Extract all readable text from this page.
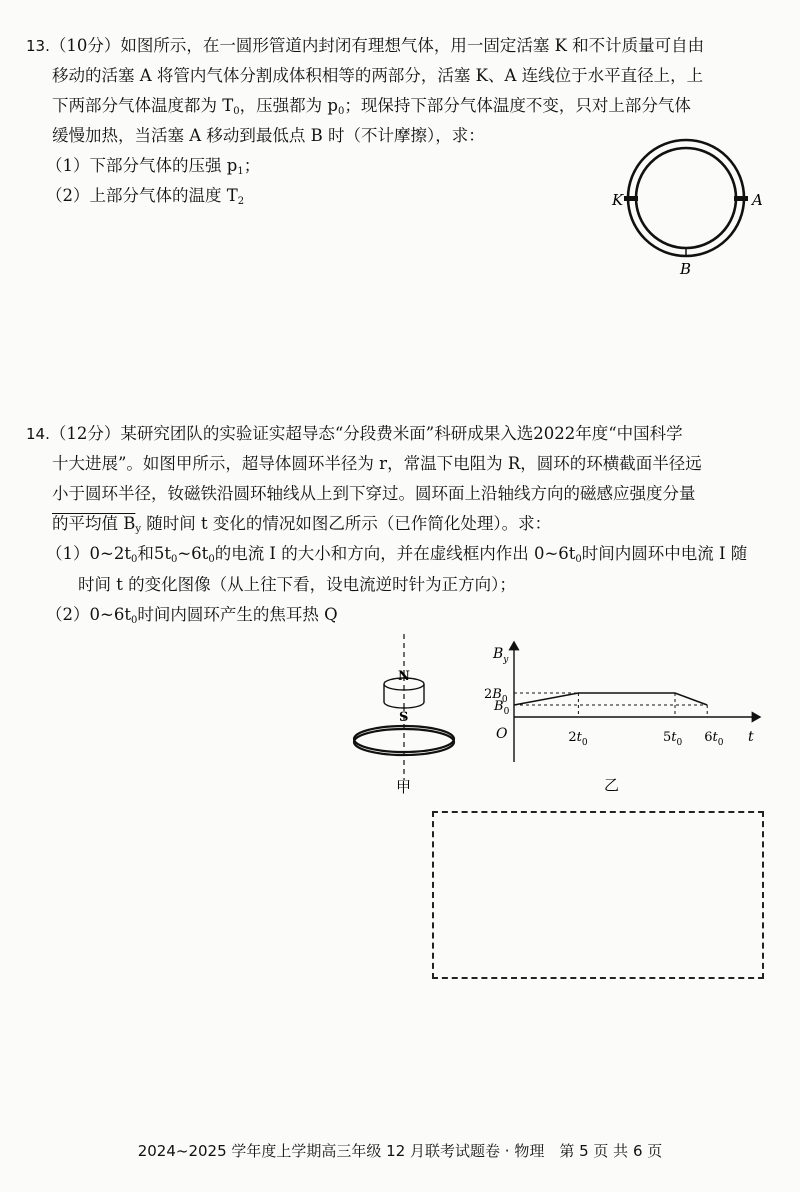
13.（10分）如图所示，在一圆形管道内封闭有理想气体，用一固定活塞 K 和不计质量可自由
移动的活塞 A 将管内气体分割成体积相等的两部分，活塞 K、A 连线位于水平直径上，上
下两部分气体温度都为 $T_0$，压强都为 $p_0$；现保持下部分气体温度不变，只对上部分气体
缓慢加热，当活塞 A 移动到最低点 B 时（不计摩擦），求：
（1）下部分气体的压强 $p_1$；
（2）上部分气体的温度 $T_2$	K	A
B
14.（12分）某研究团队的实验证实超导态“分段费米面”科研成果入选2022年度“中国科学
十大进展”。如图甲所示，超导体圆环半径为 r，常温下电阻为 R，圆环的环横截面半径远
小于圆环半径，钕磁铁沿圆环轴线从上到下穿过。圆环面上沿轴线方向的磁感应强度分量
的平均值 $B_y$ 随时间 t 变化的情况如图乙所示（已作简化处理）。求：
$(1)0\sim 2t_0$和$5t_0\sim 6t_0$的电流 I 的大小和方向，并在虚线框内作出 $0\sim 6t_0$时间内圆环中电流 I 随
时间 t 的变化图像（从上往下看，设电流逆时针为正方向）；
$(2)0\sim 6t_0$时间内圆环产生的焦耳热 Q
N
S
甲
$B_y$
t
O
$2B_0$
$B_0$
$2t_0$	$5t_0$ $6t_0$
乙
2024~2025 学年度上学期高三年级 12 月联考试题卷 · 物理　第 5 页 共 6 页
